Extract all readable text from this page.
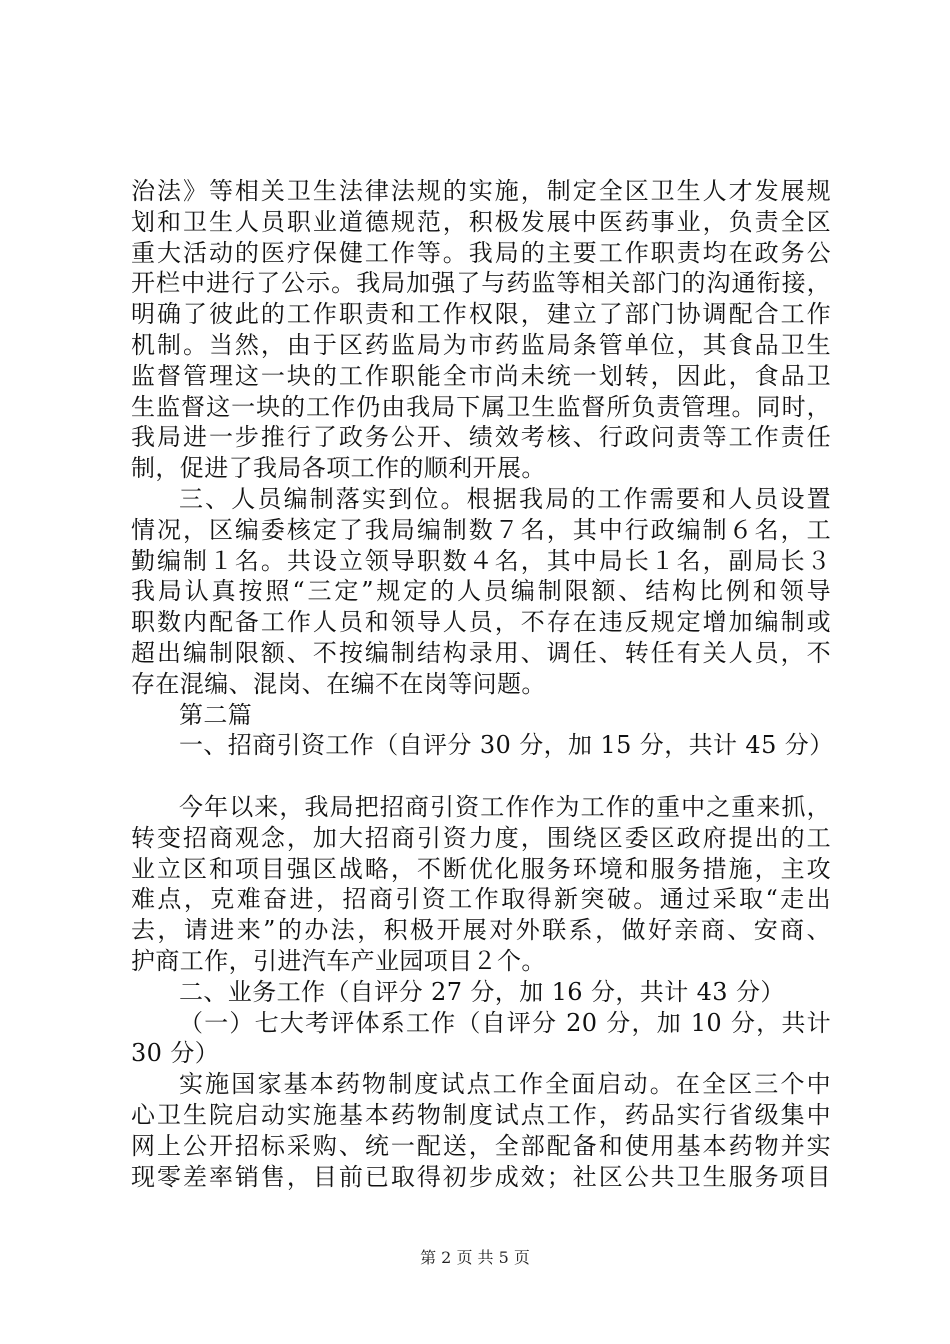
治法》等相关卫生法律法规的实施，制定全区卫生人才发展规
划和卫生人员职业道德规范，积极发展中医药事业，负责全区
重大活动的医疗保健工作等。我局的主要工作职责均在政务公
开栏中进行了公示。我局加强了与药监等相关部门的沟通衔接，
明确了彼此的工作职责和工作权限，建立了部门协调配合工作
机制。当然，由于区药监局为市药监局条管单位，其食品卫生
监督管理这一块的工作职能全市尚未统一划转，因此，食品卫
生监督这一块的工作仍由我局下属卫生监督所负责管理。同时，
我局进一步推行了政务公开、绩效考核、行政问责等工作责任
制，促进了我局各项工作的顺利开展。
三、人员编制落实到位。根据我局的工作需要和人员设置
情况，区编委核定了我局编制数７名，其中行政编制６名，工
勤编制１名。共设立领导职数４名，其中局长１名，副局长３
我局认真按照“三定”规定的人员编制限额、结构比例和领导
职数内配备工作人员和领导人员，不存在违反规定增加编制或
超出编制限额、不按编制结构录用、调任、转任有关人员，不
存在混编、混岗、在编不在岗等问题。
第二篇
一、招商引资工作（自评分 30 分，加 15 分，共计 45 分）
今年以来，我局把招商引资工作作为工作的重中之重来抓，
转变招商观念，加大招商引资力度，围绕区委区政府提出的工
业立区和项目强区战略，不断优化服务环境和服务措施，主攻
难点，克难奋进，招商引资工作取得新突破。通过采取“走出
去，请进来”的办法，积极开展对外联系，做好亲商、安商、
护商工作，引进汽车产业园项目２个。
二、业务工作（自评分 27 分，加 16 分，共计 43 分）
（一）七大考评体系工作（自评分 20 分，加 10 分，共计
30 分）
实施国家基本药物制度试点工作全面启动。在全区三个中
心卫生院启动实施基本药物制度试点工作，药品实行省级集中
网上公开招标采购、统一配送，全部配备和使用基本药物并实
现零差率销售，目前已取得初步成效；社区公共卫生服务项目
第 2 页 共 5 页
